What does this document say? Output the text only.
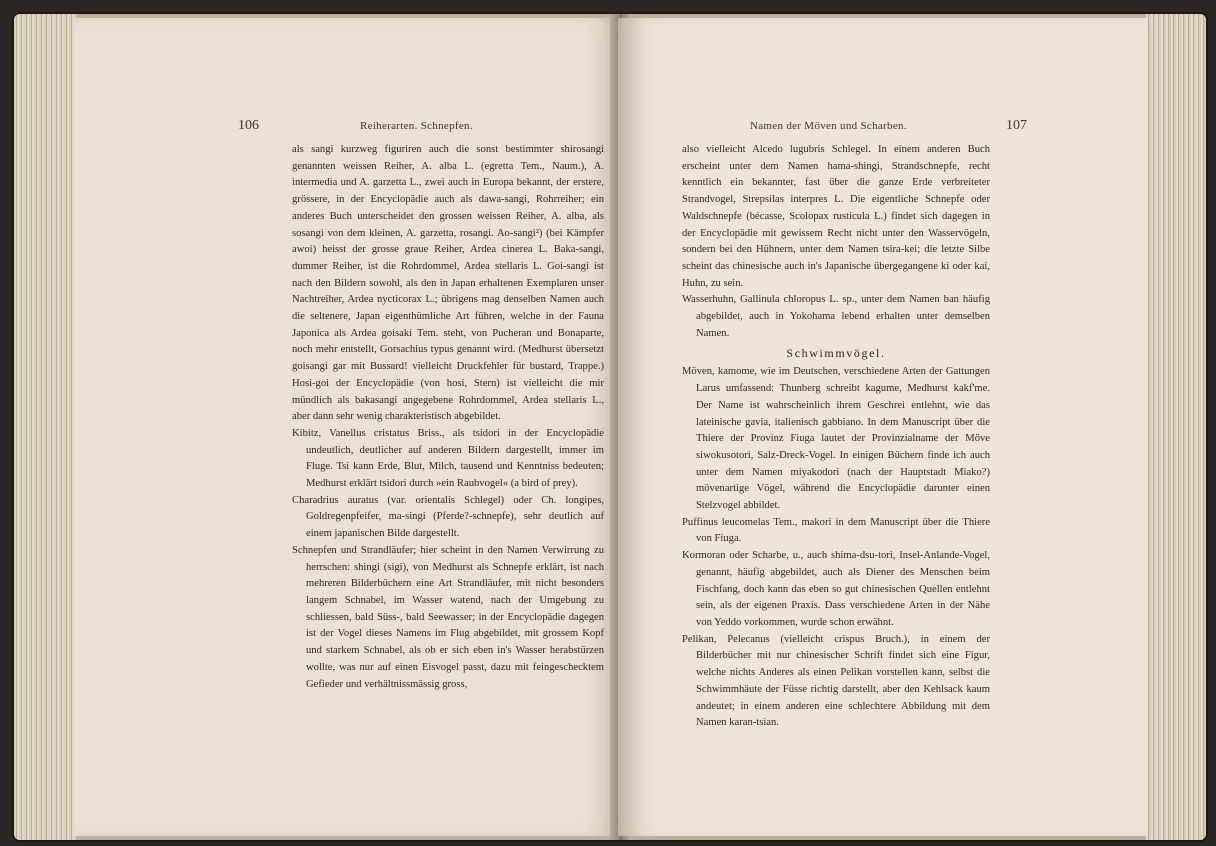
106	Reiherarten. Schnepfen.

als sangi kurzweg figuriren auch die sonst bestimmter shirosangi genannten weissen Reiher, A. alba L. (egretta Tem., Naum.), A. intermedia und A. garzetta L., zwei auch in Europa bekannt, der erstere, grössere, in der Encyclopädie auch als dawa-sangi, Rohrreiher; ein anderes Buch unterscheidet den grossen weissen Reiher, A. alba, als sosangi von dem kleinen, A. garzetta, rosangi. Ao-sangi²) (bei Kämpfer awoi) heisst der grosse graue Reiher, Ardea cinerea L. Baka-sangi, dummer Reiher, ist die Rohrdommel, Ardea stellaris L. Goi-sangi ist nach den Bildern sowohl, als den in Japan erhaltenen Exemplaren unser Nachtreiher, Ardea nycticorax L.; übrigens mag denselben Namen auch die seltenere, Japan eigenthümliche Art führen, welche in der Fauna Japonica als Ardea goisaki Tem. steht, von Pucheran und Bonaparte, noch mehr entstellt, Gorsachius typus genannt wird. (Medhurst übersetzt goisangi gar mit Bussard! vielleicht Druckfehler für bustard, Trappe.) Hosi-goi der Encyclopädie (von hosi, Stern) ist vielleicht die mir mündlich als bakasangi angegebene Rohrdommel, Ardea stellaris L., aber dann sehr wenig charakteristisch abgebildet.

Kibitz, Vanellus cristatus Briss., als tsidori in der Encyclopädie undeutlich, deutlicher auf anderen Bildern dargestellt, immer im Fluge. Tsi kann Erde, Blut, Milch, tausend und Kenntniss bedeuten; Medhurst erklärt tsidori durch »ein Raubvogel« (a bird of prey).

Charadrius auratus (var. orientalis Schlegel) oder Ch. longipes, Goldregenpfeifer, ma-singi (Pferde?-schnepfe), sehr deutlich auf einem japanischen Bilde dargestellt.

Schnepfen und Strandläufer; hier scheint in den Namen Verwirrung zu herrschen: shingi (sigi), von Medhurst als Schnepfe erklärt, ist nach mehreren Bilderbüchern eine Art Strandläufer, mit nicht besonders langem Schnabel, im Wasser watend, nach der Umgebung zu schliessen, bald Süss-, bald Seewasser; in der Encyclopädie dagegen ist der Vogel dieses Namens im Flug abgebildet, mit grossem Kopf und starkem Schnabel, als ob er sich eben in's Wasser herabstürzen wollte, was nur auf einen Eisvogel passt, dazu mit feingeschecktem Gefieder und verhältnissmässig gross,

Namen der Möven und Scharben.	107

also vielleicht Alcedo lugubris Schlegel. In einem anderen Buch erscheint unter dem Namen hama-shingi, Strandschnepfe, recht kenntlich ein bekannter, fast über die ganze Erde verbreiteter Strandvogel, Strepsilas interpres L. Die eigentliche Schnepfe oder Waldschnepfe (bécasse, Scolopax rusticula L.) findet sich dagegen in der Encyclopädie mit gewissem Recht nicht unter den Wasservögeln, sondern bei den Hühnern, unter dem Namen tsira-kei; die letzte Silbe scheint das chinesische auch in's Japanische übergegangene ki oder kai, Huhn, zu sein.

Wasserhuhn, Gallinula chloropus L. sp., unter dem Namen ban häufig abgebildet, auch in Yokohama lebend erhalten unter demselben Namen.

Schwimmvögel.

Möven, kamome, wie im Deutschen, verschiedene Arten der Gattungen Larus umfassend: Thunberg schreibt kagume, Medhurst kakf'me. Der Name ist wahrscheinlich ihrem Geschrei entlehnt, wie das lateinische gavia, italienisch gabbiano. In dem Manuscript über die Thiere der Provinz Fiuga lautet der Provinzialname der Möve siwokusotori, Salz-Dreck-Vogel. In einigen Büchern finde ich auch unter dem Namen miyakodori (nach der Hauptstadt Miako?) mövenartige Vögel, während die Encyclopädie darunter einen Stelzvogel abbildet.

Puffinus leucomelas Tem., makori in dem Manuscript über die Thiere von Fiuga.

Kormoran oder Scharbe, u., auch shima-dsu-tori, Insel-Anlande-Vogel, genannt, häufig abgebildet, auch als Diener des Menschen beim Fischfang, doch kann das eben so gut chinesischen Quellen entlehnt sein, als der eigenen Praxis. Dass verschiedene Arten in der Nähe von Yeddo vorkommen, wurde schon erwähnt.

Pelikan, Pelecanus (vielleicht crispus Bruch.), in einem der Bilderbücher mit nur chinesischer Schrift findet sich eine Figur, welche nichts Anderes als einen Pelikan vorstellen kann, selbst die Schwimmhäute der Füsse richtig darstellt, aber den Kehlsack kaum andeutet; in einem anderen eine schlechtere Abbildung mit dem Namen karan-tsian.
